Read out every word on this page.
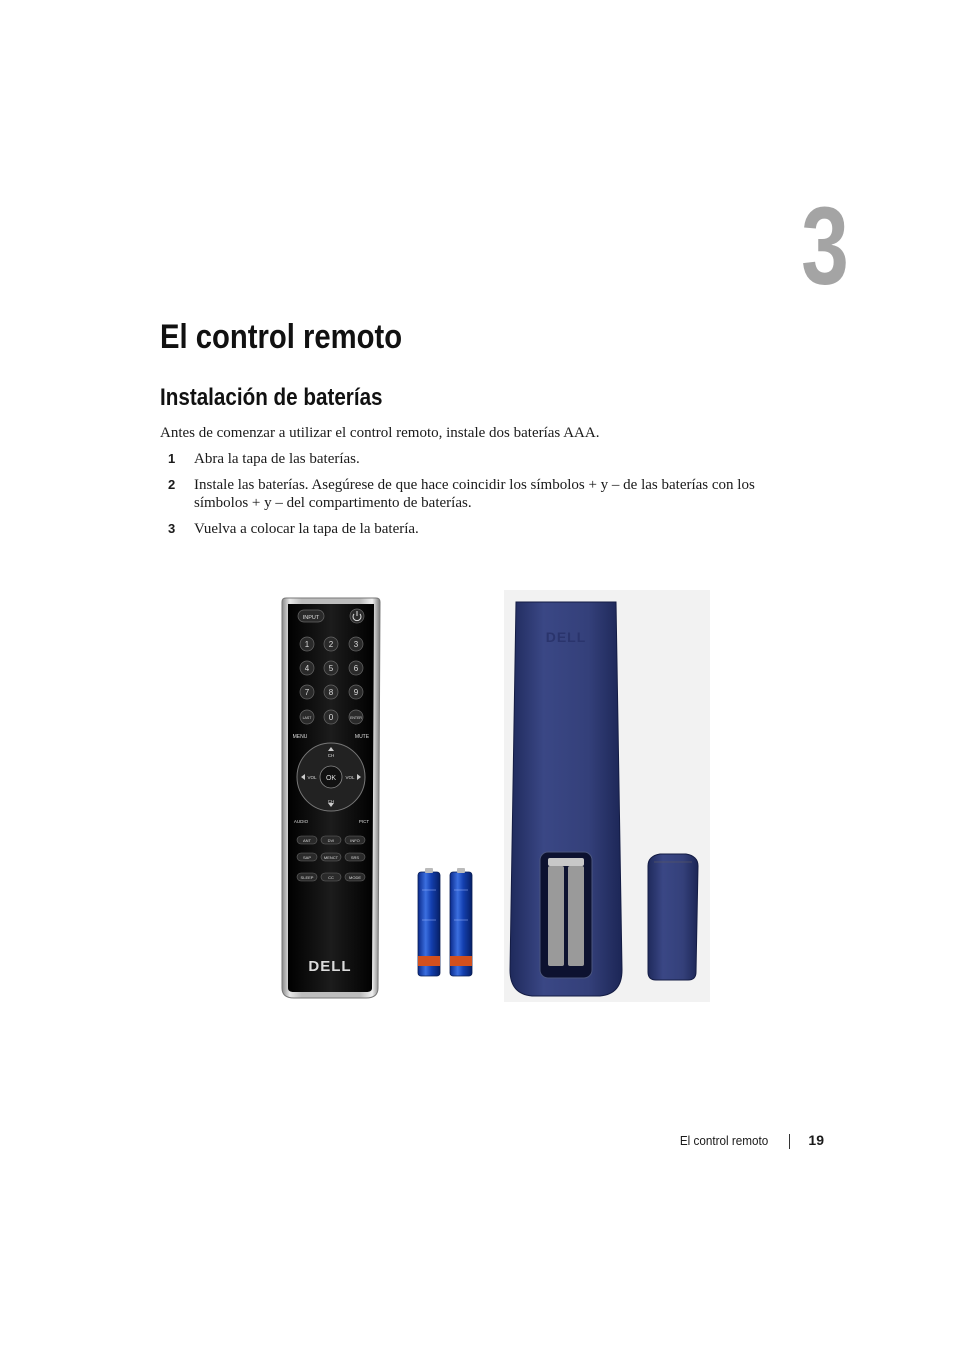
3
El control remoto
Instalación de baterías

Antes de comenzar a utilizar el control remoto, instale dos baterías AAA.

1 Abra la tapa de las baterías.
2 Instale las baterías. Asegúrese de que hace coincidir los símbolos + y – de las baterías con los símbolos + y – del compartimento de baterías.
3 Vuelva a colocar la tapa de la batería.
INPUT
1 2	3
4 5	6
7 8	9
LAST 0	ENTER
MENU	MUTE
OK
CH
CH
VOL	VOL
AUDIO	PICT
ANT	DVI	INFO
SAP	MENCT	SRS
SLEEP	CC	MODE
DELL
DELL
El control remoto	19
